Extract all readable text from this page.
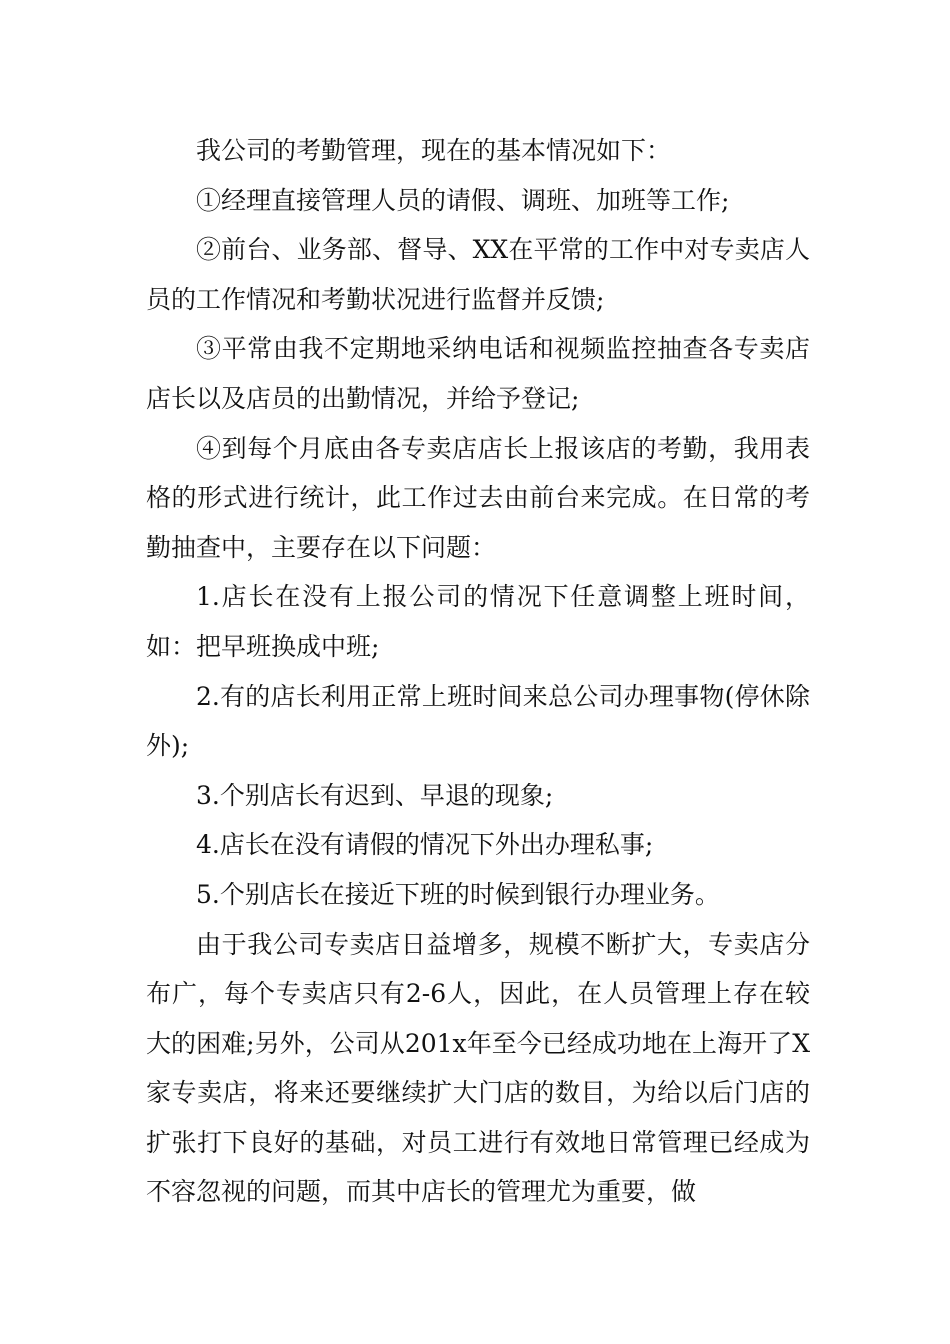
我公司的考勤管理，现在的基本情况如下：

①经理直接管理人员的请假、调班、加班等工作;

②前台、业务部、督导、XX在平常的工作中对专卖店人员的工作情况和考勤状况进行监督并反馈;

③平常由我不定期地采纳电话和视频监控抽查各专卖店店长以及店员的出勤情况，并给予登记;

④到每个月底由各专卖店店长上报该店的考勤，我用表格的形式进行统计，此工作过去由前台来完成。在日常的考勤抽查中，主要存在以下问题：

1.店长在没有上报公司的情况下任意调整上班时间，如：把早班换成中班;

2.有的店长利用正常上班时间来总公司办理事物(停休除外);

3.个别店长有迟到、早退的现象;

4.店长在没有请假的情况下外出办理私事;

5.个别店长在接近下班的时候到银行办理业务。

由于我公司专卖店日益增多，规模不断扩大，专卖店分布广，每个专卖店只有2-6人，因此，在人员管理上存在较大的困难;另外，公司从201x年至今已经成功地在上海开了X家专卖店，将来还要继续扩大门店的数目，为给以后门店的扩张打下良好的基础，对员工进行有效地日常管理已经成为不容忽视的问题，而其中店长的管理尤为重要，做
